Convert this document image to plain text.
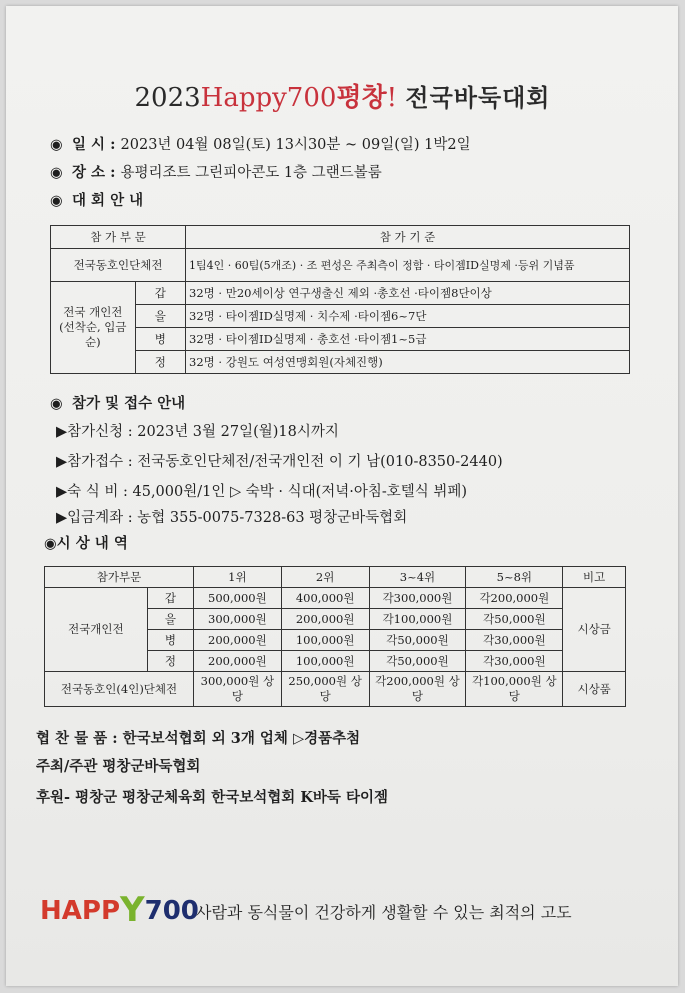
2023Happy700평창! 전국바둑대회
◉ 일 시 : 2023년 04월 08일(토) 13시30분 ~ 09일(일) 1박2일
◉ 장 소 : 용평리조트 그린피아콘도 1층 그랜드볼룸
◉ 대 회 안 내
참 가 부 문		참 가 기 준
전국동호인단체전		1팀4인 · 60팀(5개조) · 조 편성은 주최측이 정함 · 타이젬ID실명제 ·등위 기념품
전국 개인전 (선착순, 입금순)	갑	32명 · 만20세이상 연구생출신 제외 ·총호선 ·타이젬8단이상
	을	32명 · 타이젬ID실명제 · 치수제 ·타이젬6~7단
	병	32명 · 타이젬ID실명제 · 총호선 ·타이젬1~5급
	정	32명 · 강원도 여성연맹회원(자체진행)
◉ 참가 및 접수 안내
▶참가신청 : 2023년 3월 27일(월)18시까지
▶참가접수 : 전국동호인단체전/전국개인전 이 기 남(010-8350-2440)
▶숙 식 비 : 45,000원/1인 ▷ 숙박 · 식대(저녁·아침-호텔식 뷔페)
▶입금계좌 : 농협 355-0075-7328-63 평창군바둑협회
◉시 상 내 역
참가부문		1위	2위	3~4위	5~8위	비고
전국개인전	갑	500,000원	400,000원	각300,000원	각200,000원	시상금
	을	300,000원	200,000원	각100,000원	각50,000원	
	병	200,000원	100,000원	각50,000원	각30,000원	
	정	200,000원	100,000원	각50,000원	각30,000원	
전국동호인(4인)단체전		300,000원 상당	250,000원 상당	각200,000원 상당	각100,000원 상당	시상품
협 찬 물 품 : 한국보석협회 외 3개 업체 ▷경품추첨
주최/주관 평창군바둑협회
후원- 평창군 평창군체육회 한국보석협회 K바둑 타이젬
HAPPY700
사람과 동식물이 건강하게 생활할 수 있는 최적의 고도
